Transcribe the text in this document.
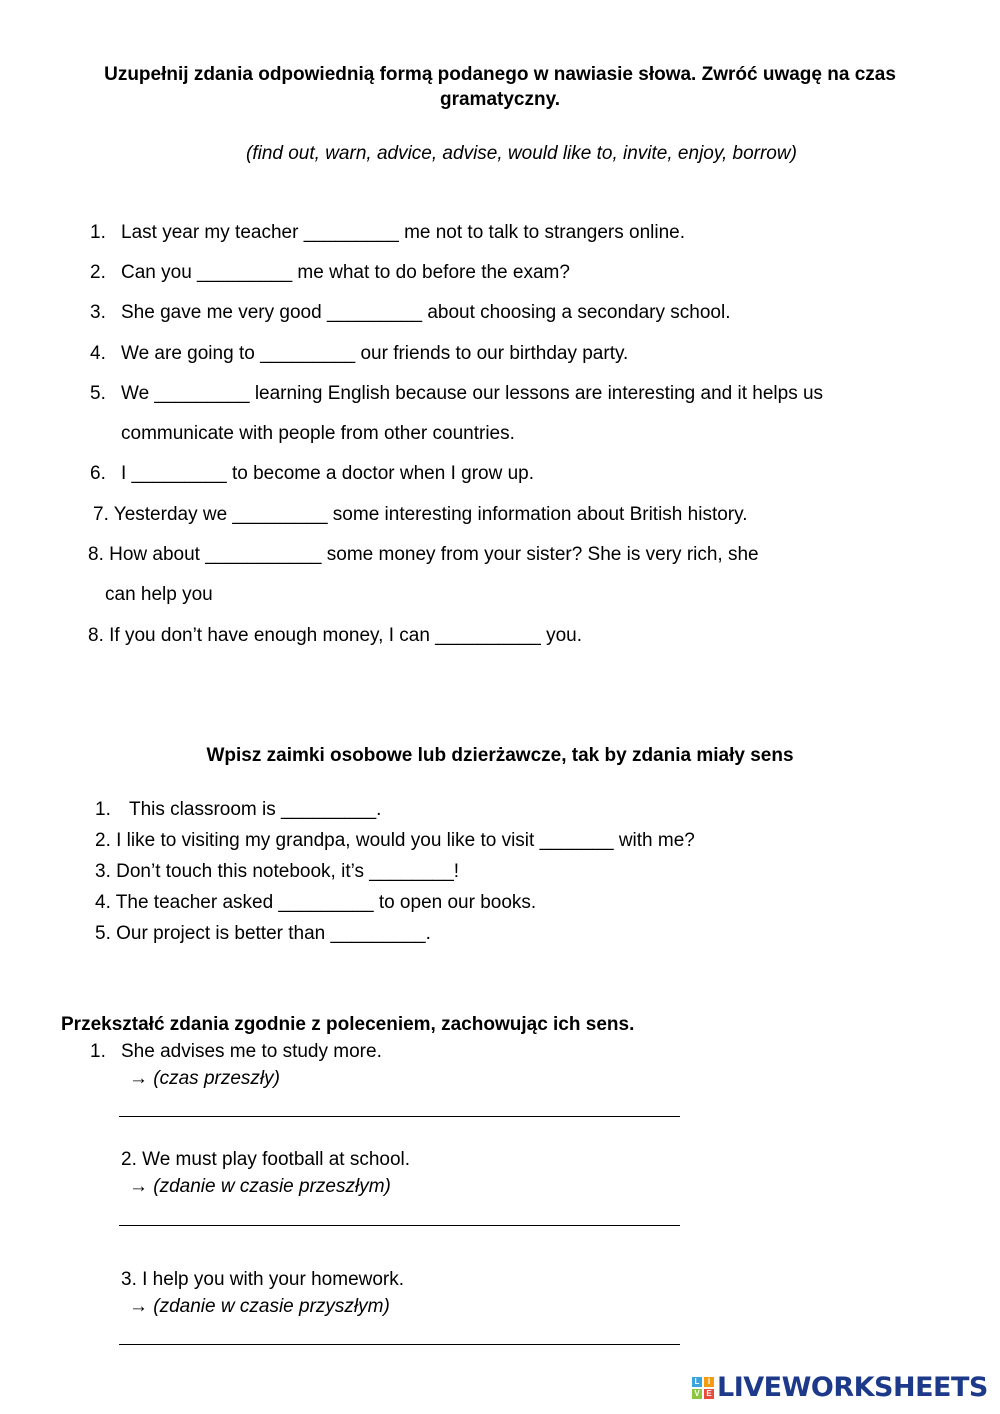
Uzupełnij zdania odpowiednią formą podanego w nawiasie słowa. Zwróć uwagę na czas gramatyczny.
(find out, warn, advice, advise, would like to, invite, enjoy, borrow)
1. Last year my teacher _________ me not to talk to strangers online.
2. Can you _________ me what to do before the exam?
3. She gave me very good _________ about choosing a secondary school.
4. We are going to _________ our friends to our birthday party.
5. We _________ learning English because our lessons are interesting and it helps us
communicate with people from other countries.
6. I _________ to become a doctor when I grow up.
7. Yesterday we _________ some interesting information about British history.
8. How about ___________ some money from your sister? She is very rich, she
can help you
8. If you don’t have enough money, I can __________ you.
Wpisz zaimki osobowe lub dzierżawcze, tak by zdania miały sens
1. This classroom is _________.
2. I like to visiting my grandpa, would you like to visit _______ with me?
3. Don’t touch this notebook, it’s ________!
4. The teacher asked _________ to open our books.
5. Our project is better than _________.
Przekształć zdania zgodnie z poleceniem, zachowując ich sens.
1. She advises me to study more.
→ (czas przeszły)
2. We must play football at school.
→ (zdanie w czasie przeszłym)
3. I help you with your homework.
→ (zdanie w czasie przyszłym)
L	I
V E LIVEWORKSHEETS
